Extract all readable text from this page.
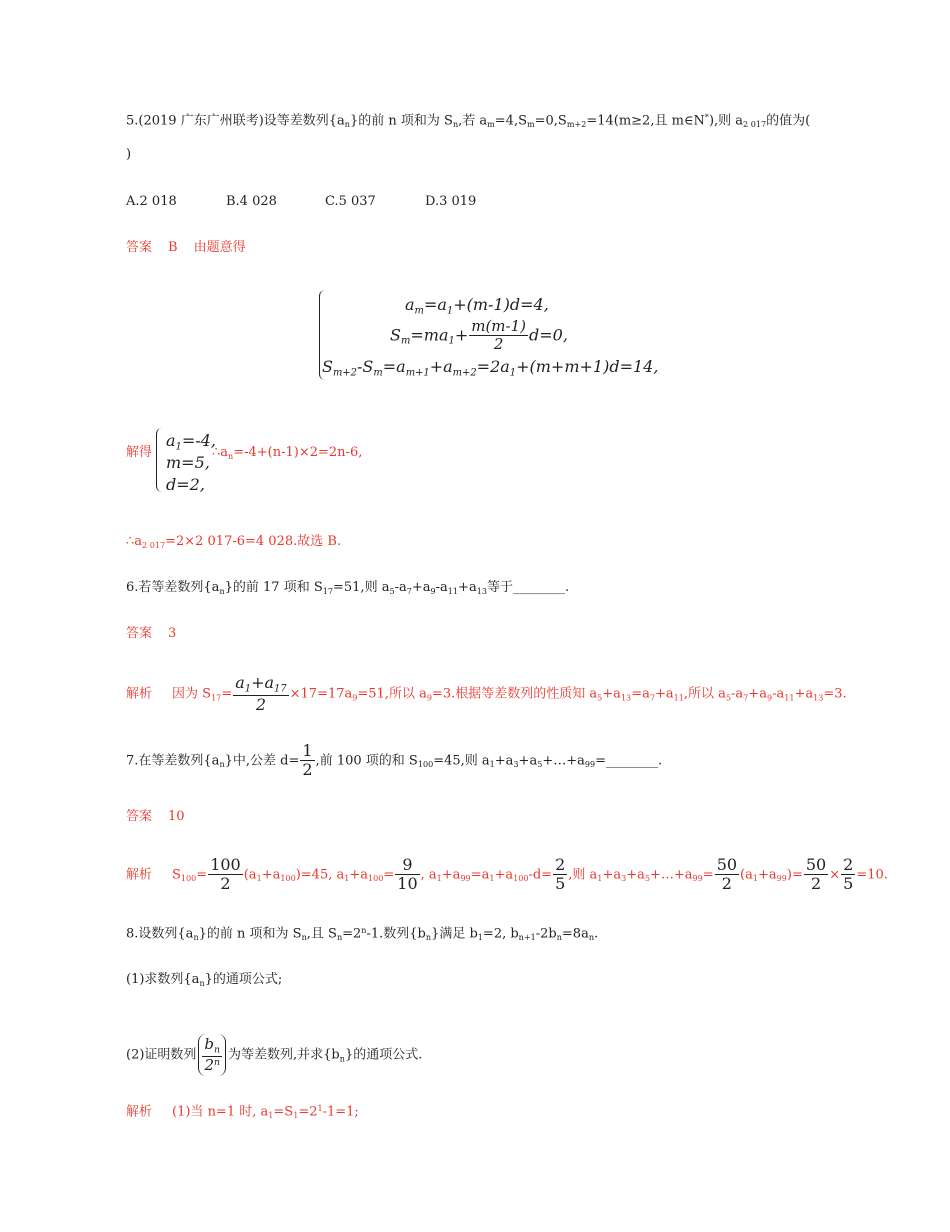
5.(2019 广东广州联考)设等差数列$\{a_n\}$的前 n 项和为 $S_n$,若 $a_m=4,S_m=0,S_{m+2}=14(m\ge 2$,且 m∈N*),则 $a_{2 017}$的值为(
)
A.2 018	B.4 028	C.5 037	D.3 019
答案 B 由题意得
$a_m=a_1+(m-1)d=4$,
$S_m=ma_1+ \frac{m(m-1)}{2} d=0$,
$S_{m+2}-S_m=a_{m+1}+a_{m+2}=2a_1+(m+m+1)d=14$,
解得
$a_1=-4$,
m=5,
d=2,
$\therefore a_n=-4+(n-1)\times 2=2n-6$,
$\therefore a_{2 017}=2\times 2$ 017-6=4 028.故选 B.
6.若等差数列$\{a_n\}$的前 17 项和 $S_{17}=51$,则 $a_5-a_7+a_9-a_{11}+a_{13}$等于________.
答案 3
解析 因为 $S_{17}= \frac{a_1+a_{17}}{2} \times 17=17a_9=51$,所以 $a_9=3$.根据等差数列的性质知 $a_5+a_{13}=a_7+a_{11}$,所以 $a_5-a_7+a_9-a_{11}+a_{13}=3$.
7.在等差数列$\{a_n\}$中,公差 $d= \frac{1}{2}$ ,前 100 项的和 $S_{100}=45$,则 $a_1+a_3+a_5+\dots+a_{99}=\_\_\_\_\_\_\_\_$.
答案 10
解析 $S_{100}= \frac{100}{2} (a_1+a_{100})=45$, $a_1+a_{100}= \frac{9}{10}$ , $a_1+a_{99}=a_1+a_{100}-d= \frac{2}{5}$ ,则 $a_1+a_3+a_5+\dots+a_{99}= \frac{50}{2} (a_1+a_{99})= \frac{50}{2} \times \frac{2}{5} =10$.
8.设数列$\{a_n\}$的前 n 项和为 $S_n$,且 $S_n=2^n-1$.数列$\{b_n\}$满足 $b_1=2$, $b_{n+1}-2b_n=8a_n$.
(1)求数列$\{a_n\}$的通项公式;
(2)证明数列 $\frac{b_n}{2^n}$ 为等差数列,并求$\{b_n\}$的通项公式.
解析 (1)当 n=1 时, $a_1=S_1=2^1-1=1$;
